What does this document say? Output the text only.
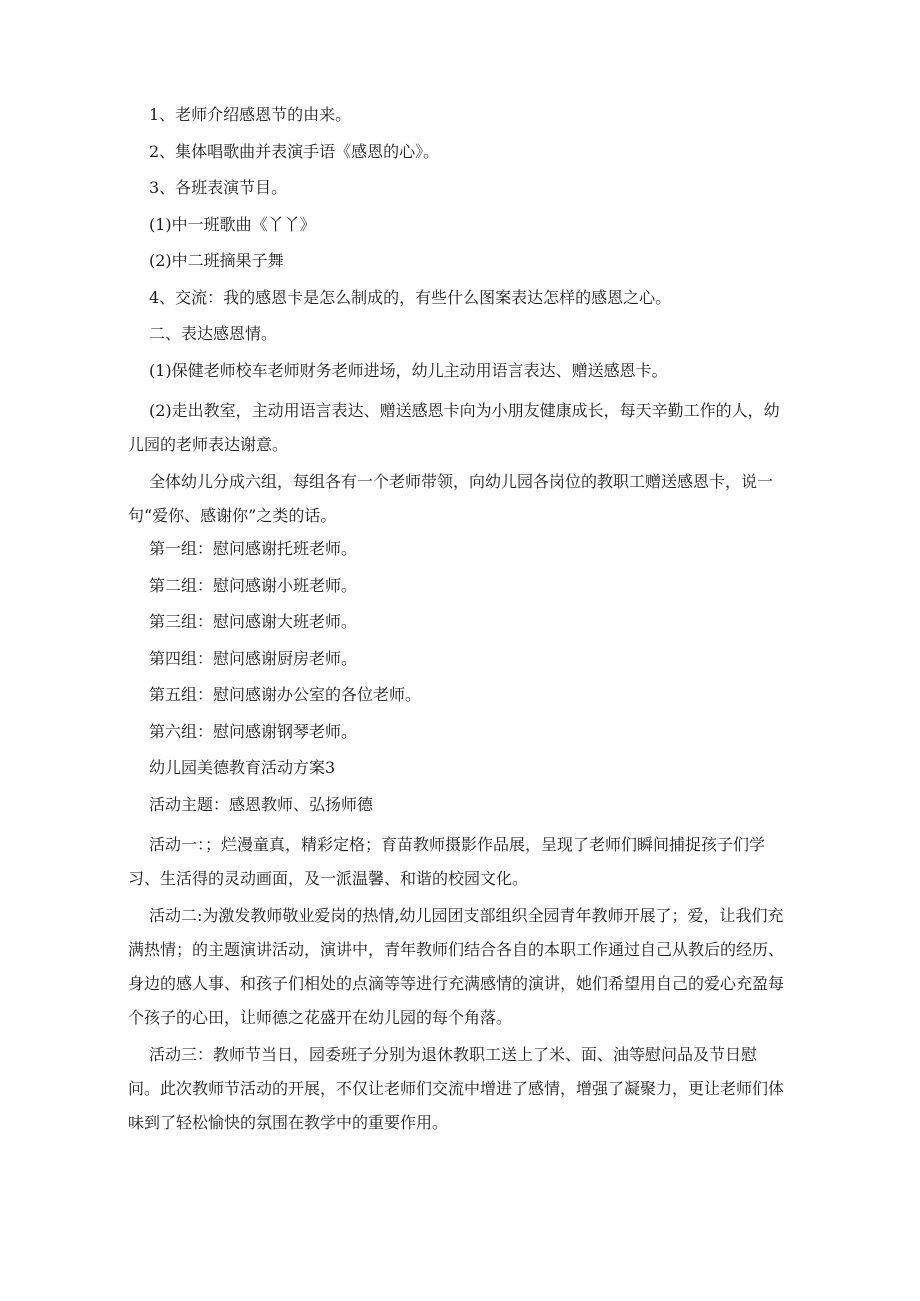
1、老师介绍感恩节的由来。

2、集体唱歌曲并表演手语《感恩的心》。

3、各班表演节目。

(1)中一班歌曲《丫丫》

(2)中二班摘果子舞

4、交流：我的感恩卡是怎么制成的，有些什么图案表达怎样的感恩之心。

二、表达感恩情。

(1)保健老师校车老师财务老师进场，幼儿主动用语言表达、赠送感恩卡。

(2)走出教室，主动用语言表达、赠送感恩卡向为小朋友健康成长，每天辛勤工作的人，幼儿园的老师表达谢意。

全体幼儿分成六组，每组各有一个老师带领，向幼儿园各岗位的教职工赠送感恩卡，说一句“爱你、感谢你”之类的话。

第一组：慰问感谢托班老师。

第二组：慰问感谢小班老师。

第三组：慰问感谢大班老师。

第四组：慰问感谢厨房老师。

第五组：慰问感谢办公室的各位老师。

第六组：慰问感谢钢琴老师。

幼儿园美德教育活动方案3

活动主题：感恩教师、弘扬师德

活动一：；烂漫童真，精彩定格；育苗教师摄影作品展，呈现了老师们瞬间捕捉孩子们学习、生活得的灵动画面，及一派温馨、和谐的校园文化。

活动二:为激发教师敬业爱岗的热情,幼儿园团支部组织全园青年教师开展了；爱，让我们充满热情；的主题演讲活动，演讲中，青年教师们结合各自的本职工作通过自己从教后的经历、身边的感人事、和孩子们相处的点滴等等进行充满感情的演讲，她们希望用自己的爱心充盈每个孩子的心田，让师德之花盛开在幼儿园的每个角落。

活动三：教师节当日，园委班子分别为退休教职工送上了米、面、油等慰问品及节日慰问。此次教师节活动的开展，不仅让老师们交流中增进了感情，增强了凝聚力，更让老师们体味到了轻松愉快的氛围在教学中的重要作用。
